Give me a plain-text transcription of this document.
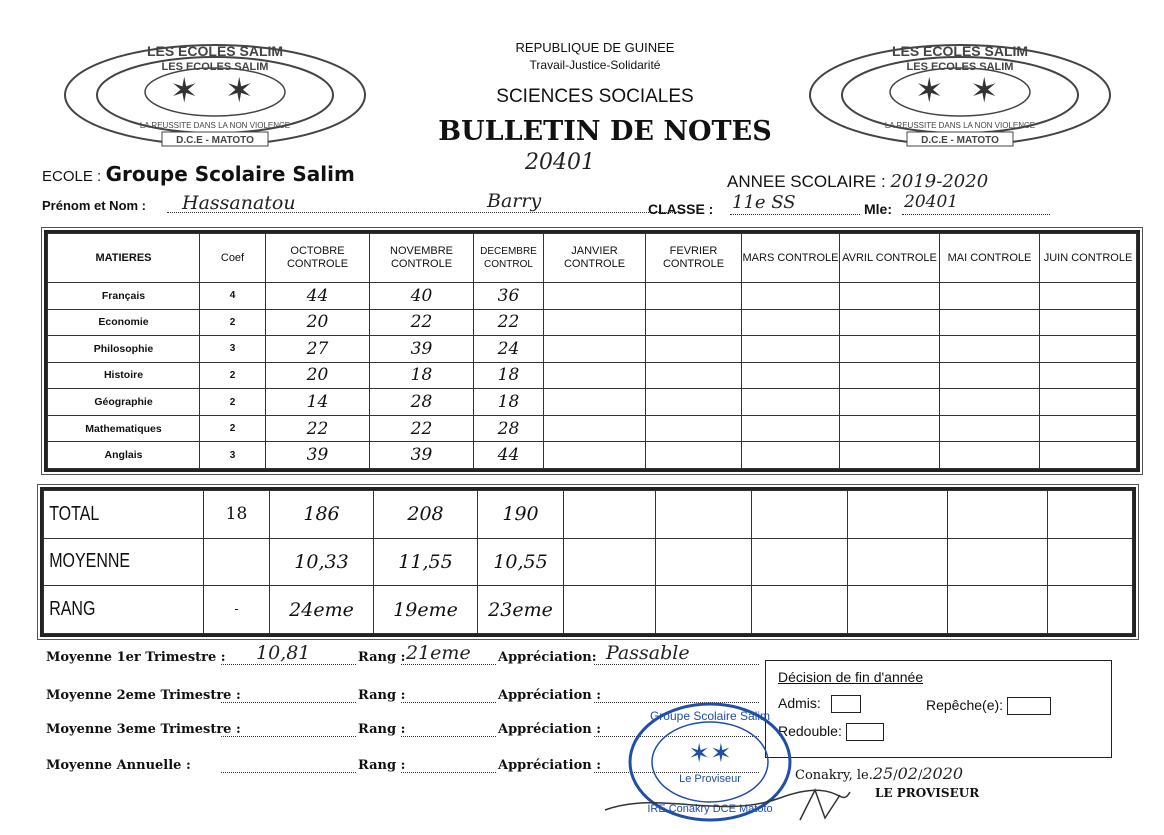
LES ECOLES SALIM
LES ECOLES SALIM
✶ ✶
LA REUSSITE DANS LA NON VIOLENCE
D.C.E - MATOTO
LES ECOLES SALIM
LES ECOLES SALIM
✶ ✶
LA REUSSITE DANS LA NON VIOLENCE
D.C.E - MATOTO
REPUBLIQUE DE GUINEE
Travail-Justice-Solidarité
SCIENCES SOCIALES
BULLETIN DE NOTES
20401
ECOLE : Groupe Scolaire Salim	ANNEE SCOLAIRE : 2019-2020
Prénom et Nom : Hassanatou	Barry	CLASSE : 11e SS	Mle: 20401
MATIERES	Coef	OCTOBRE CONTROLE	NOVEMBRE CONTROLE	DECEMBRE CONTROL	JANVIER CONTROLE	FEVRIER CONTROLE	MARS CONTROLE	AVRIL CONTROLE	MAI CONTROLE	JUIN CONTROLE
Français	4	44	40	36						
Economie	2	20	22	22						
Philosophie	3	27	39	24						
Histoire	2	20	18	18						
Géographie	2	14	28	18						
Mathematiques	2	22	22	28						
Anglais	3	39	39	44						
TOTAL	18	186	208	190						
MOYENNE		10,33	11,55	10,55						
RANG	-	24eme	19eme	23eme						
Moyenne 1er Trimestre : 10,81	Rang : 21eme Appréciation: Passable
Moyenne 2eme Trimestre :	Rang :	Appréciation :
Moyenne 3eme Trimestre :	Rang :	Appréciation :
Moyenne Annuelle :	Rang :	Appréciation :
Décision de fin d'année
Admis:	Repêche(e):
Redouble:
Groupe Scolaire Salim
✶✶
Le Proviseur
IRE Conakry DCE Matoto
Conakry, le.25/02/2020
LE PROVISEUR
